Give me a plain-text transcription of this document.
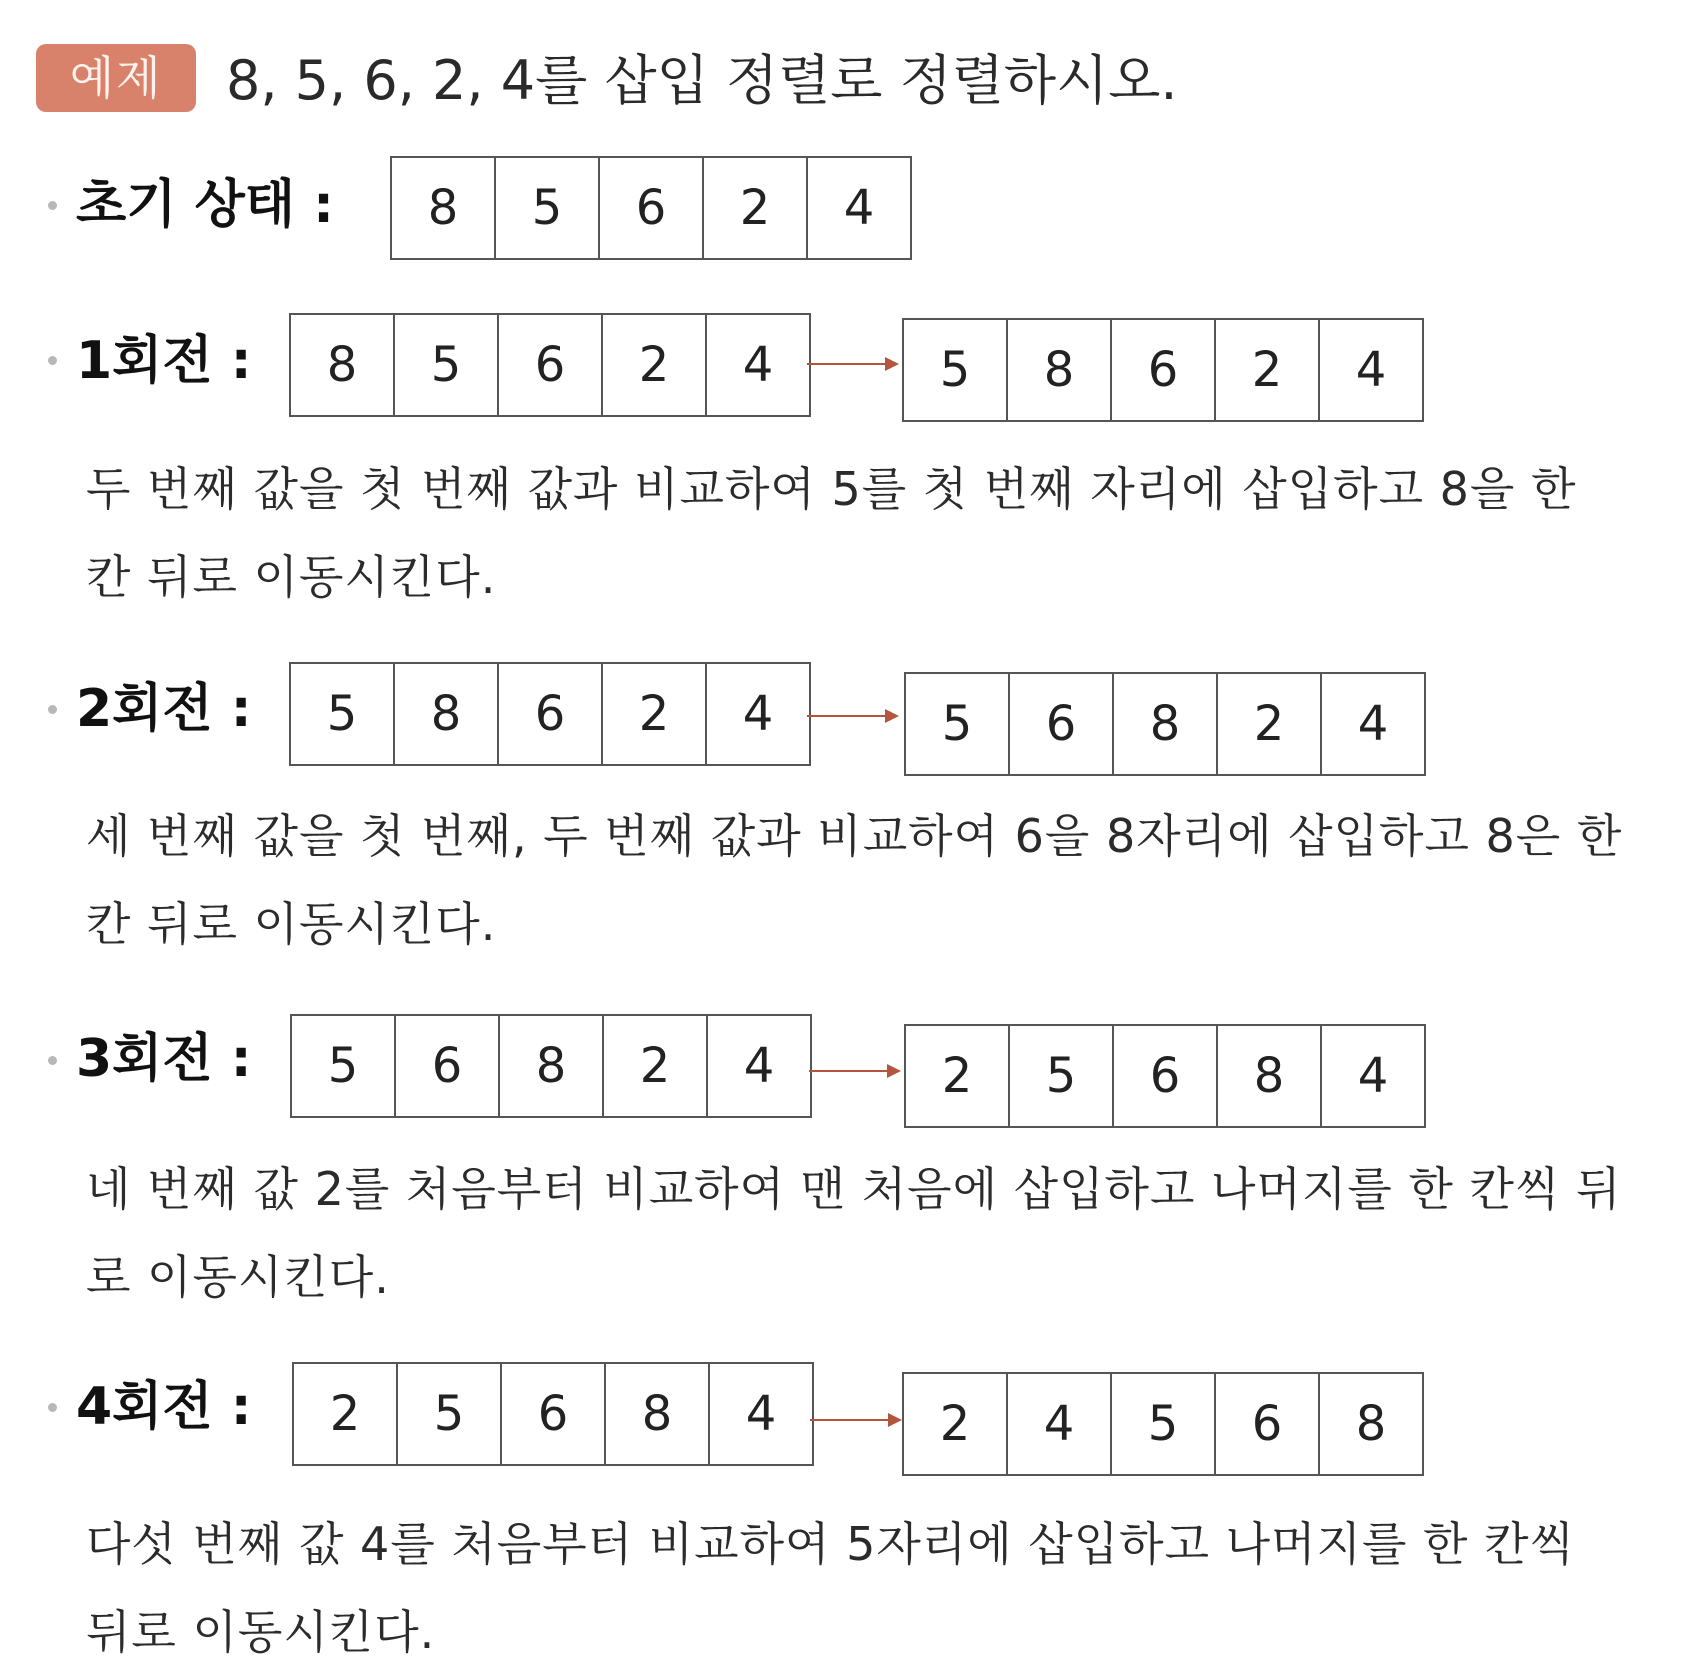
예제	8, 5, 6, 2, 4를 삽입 정렬로 정렬하시오.
초기 상태 :	8	5	6	2	4
1회전 :	8	5	6	2	4	5	8	6	2	4
두 번째 값을 첫 번째 값과 비교하여 5를 첫 번째 자리에 삽입하고 8을 한 칸 뒤로 이동시킨다.
2회전 :	5	8	6	2	4	5	6	8	2	4
세 번째 값을 첫 번째, 두 번째 값과 비교하여 6을 8자리에 삽입하고 8은 한 칸 뒤로 이동시킨다.
3회전 :	5	6	8	2	4	2	5	6	8	4
네 번째 값 2를 처음부터 비교하여 맨 처음에 삽입하고 나머지를 한 칸씩 뒤로 이동시킨다.
4회전 :	2	5	6	8	4	2	4	5	6	8
다섯 번째 값 4를 처음부터 비교하여 5자리에 삽입하고 나머지를 한 칸씩 뒤로 이동시킨다.
